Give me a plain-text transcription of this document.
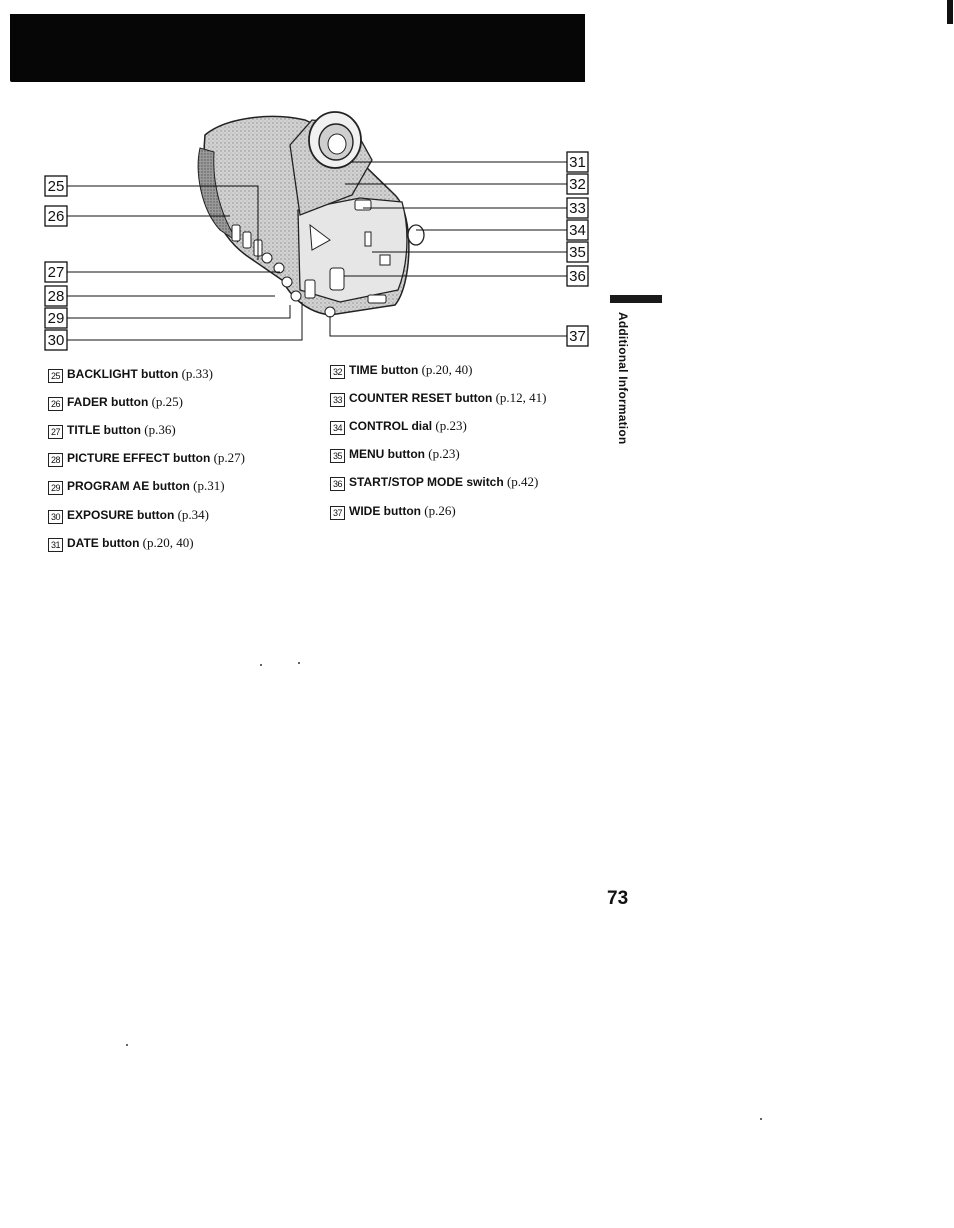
25
26
27
28
29
30
31
32
33
34
35
36
37
25 BACKLIGHT button (p.33)
26 FADER button (p.25)
27 TITLE button (p.36)
28 PICTURE EFFECT button (p.27)
29 PROGRAM AE button (p.31)
30 EXPOSURE button (p.34)
31 DATE button (p.20, 40)
32 TIME button (p.20, 40)
33 COUNTER RESET button (p.12, 41)
34 CONTROL dial (p.23)
35 MENU button (p.23)
36 START/STOP MODE switch (p.42)
37 WIDE button (p.26)
Additional Information
73
